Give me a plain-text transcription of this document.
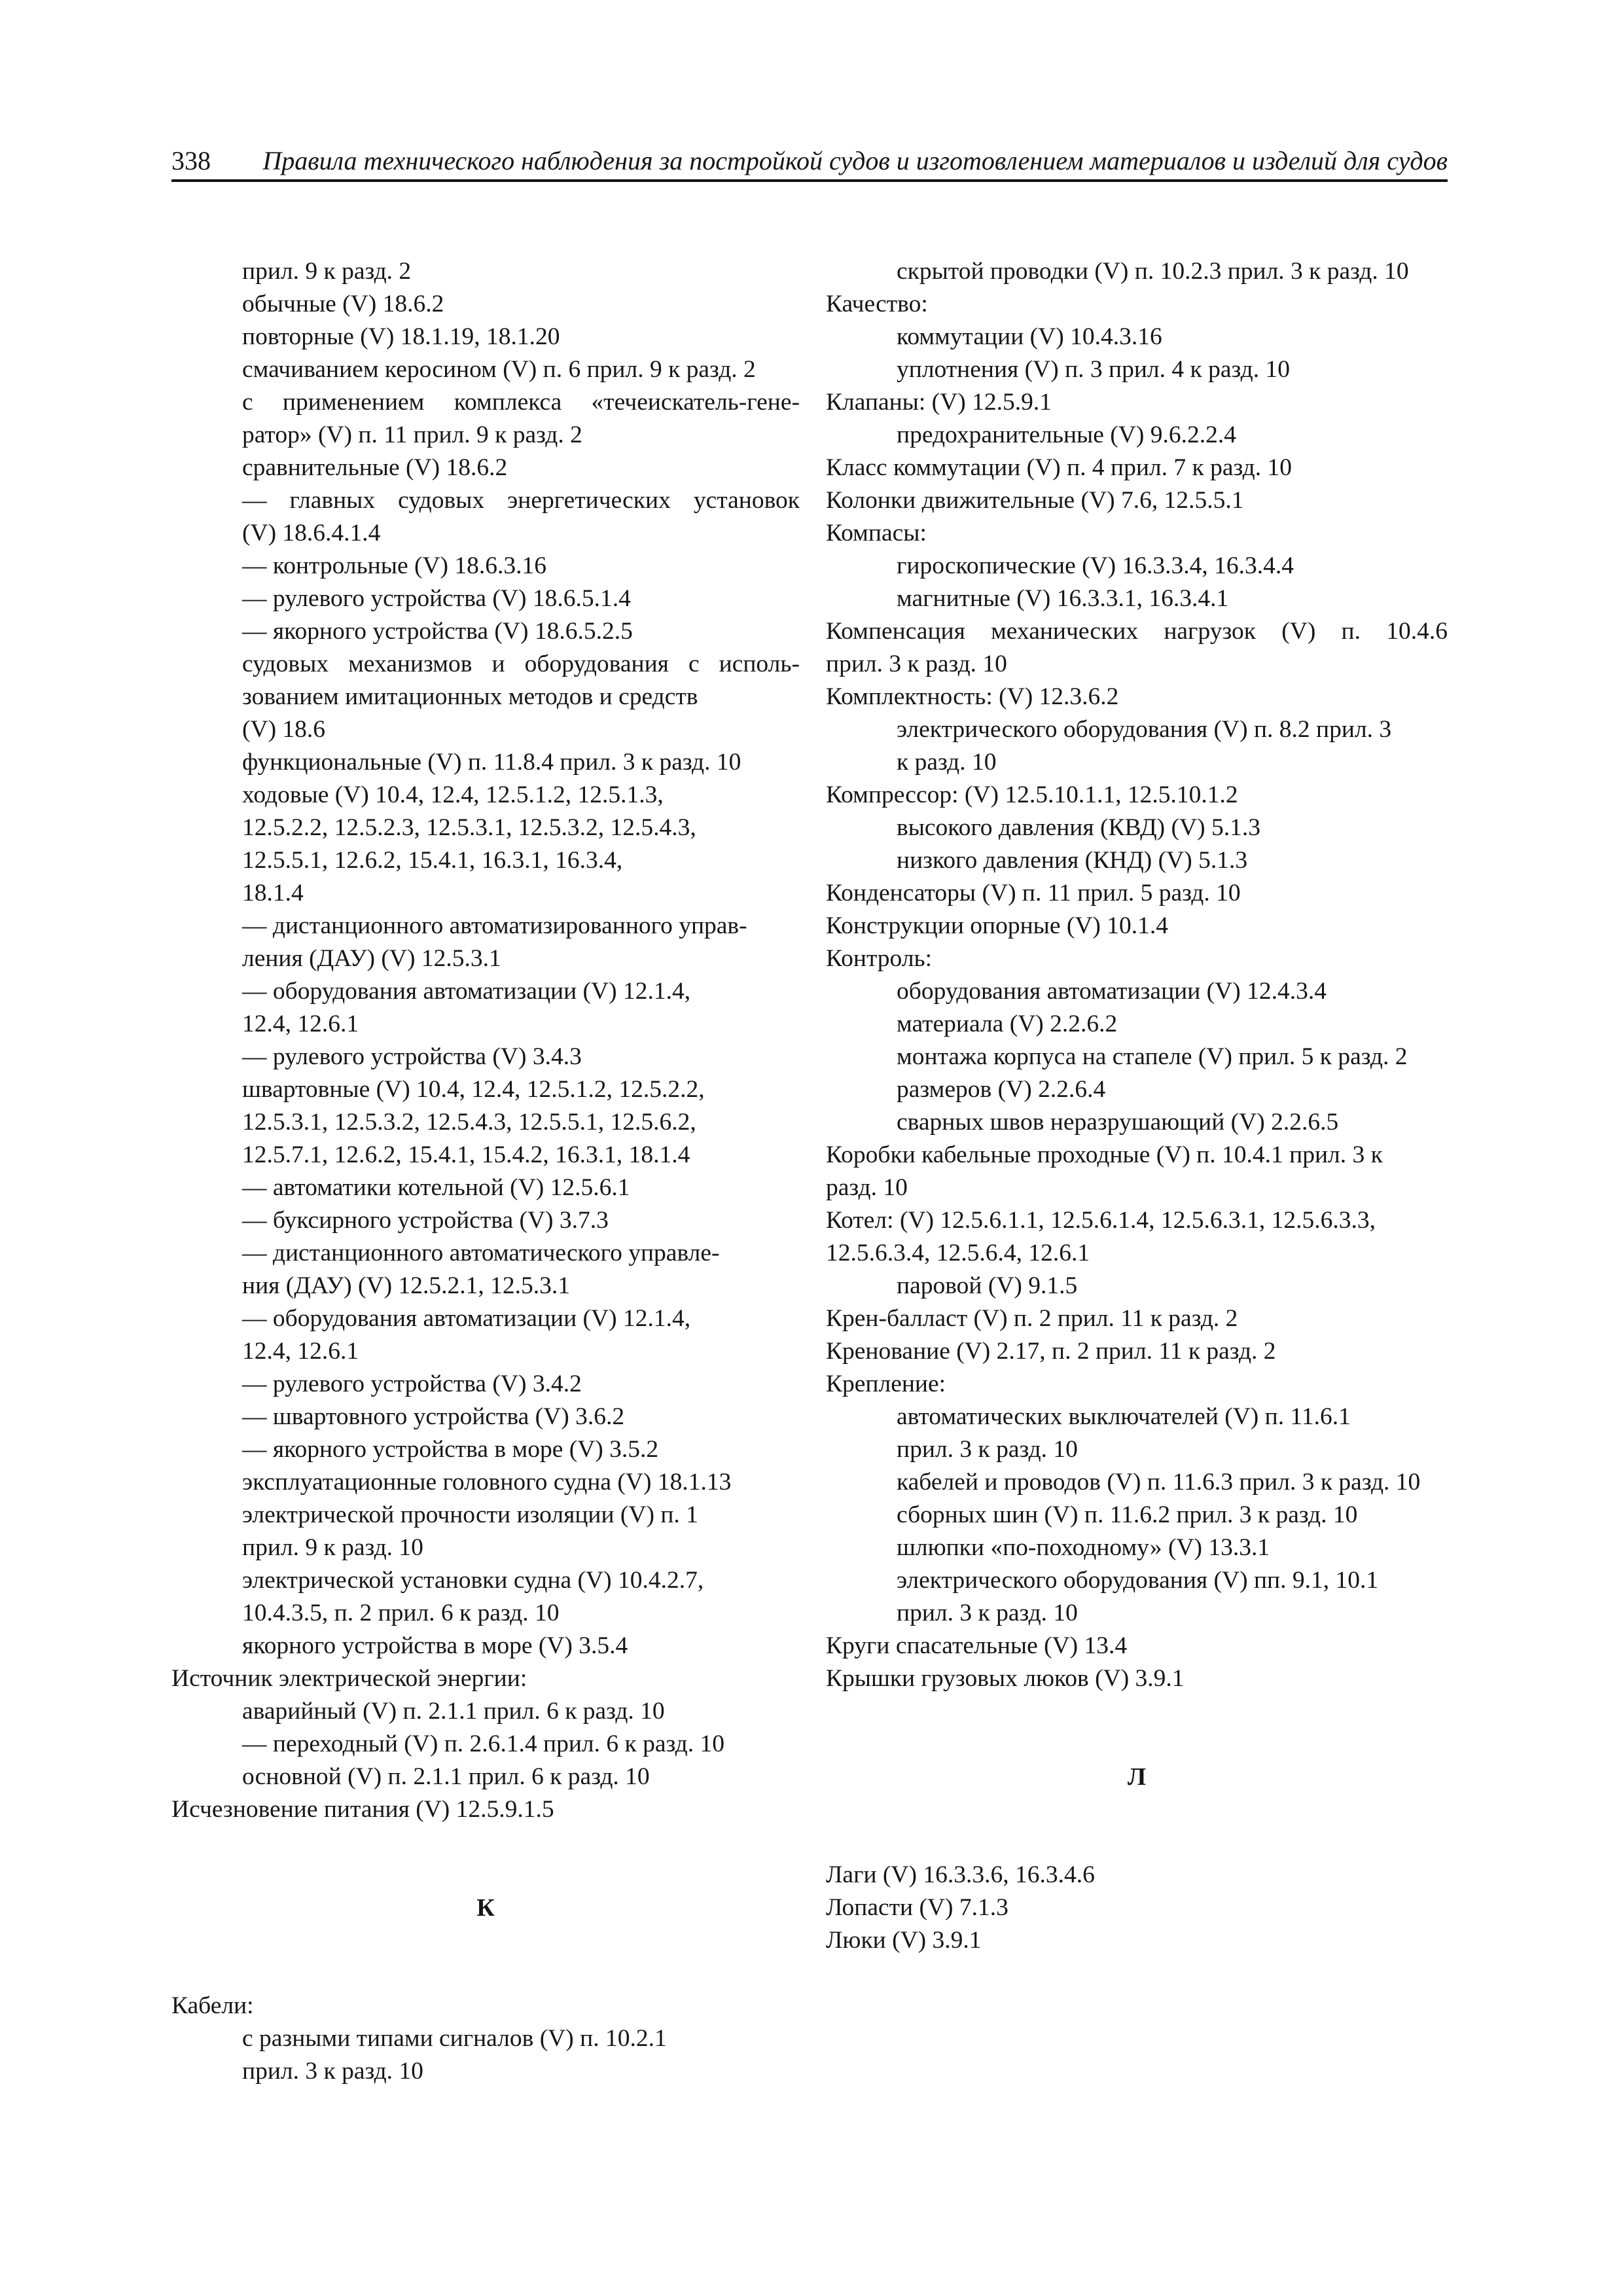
338 Правила технического наблюдения за постройкой судов и изготовлением материалов и изделий для судов
прил. 9 к разд. 2
обычные (V) 18.6.2
повторные (V) 18.1.19, 18.1.20
смачиванием керосином (V) п. 6 прил. 9 к разд. 2
с применением комплекса «течеискатель-гене-
ратор» (V) п. 11 прил. 9 к разд. 2
сравнительные (V) 18.6.2
— главных судовых энергетических установок
(V) 18.6.4.1.4
— контрольные (V) 18.6.3.16
— рулевого устройства (V) 18.6.5.1.4
— якорного устройства (V) 18.6.5.2.5
судовых механизмов и оборудования с исполь-
зованием имитационных методов и средств
(V) 18.6
функциональные (V) п. 11.8.4 прил. 3 к разд. 10
ходовые (V) 10.4, 12.4, 12.5.1.2, 12.5.1.3,
12.5.2.2, 12.5.2.3, 12.5.3.1, 12.5.3.2, 12.5.4.3,
12.5.5.1, 12.6.2, 15.4.1, 16.3.1, 16.3.4,
18.1.4
— дистанционного автоматизированного управ-
ления (ДАУ) (V) 12.5.3.1
— оборудования автоматизации (V) 12.1.4,
12.4, 12.6.1
— рулевого устройства (V) 3.4.3
швартовные (V) 10.4, 12.4, 12.5.1.2, 12.5.2.2,
12.5.3.1, 12.5.3.2, 12.5.4.3, 12.5.5.1, 12.5.6.2,
12.5.7.1, 12.6.2, 15.4.1, 15.4.2, 16.3.1, 18.1.4
— автоматики котельной (V) 12.5.6.1
— буксирного устройства (V) 3.7.3
— дистанционного автоматического управле-
ния (ДАУ) (V) 12.5.2.1, 12.5.3.1
— оборудования автоматизации (V) 12.1.4,
12.4, 12.6.1
— рулевого устройства (V) 3.4.2
— швартовного устройства (V) 3.6.2
— якорного устройства в море (V) 3.5.2
эксплуатационные головного судна (V) 18.1.13
электрической прочности изоляции (V) п. 1
прил. 9 к разд. 10
электрической установки судна (V) 10.4.2.7,
10.4.3.5, п. 2 прил. 6 к разд. 10
якорного устройства в море (V) 3.5.4
Источник электрической энергии:
аварийный (V) п. 2.1.1 прил. 6 к разд. 10
— переходный (V) п. 2.6.1.4 прил. 6 к разд. 10
основной (V) п. 2.1.1 прил. 6 к разд. 10
Исчезновение питания (V) 12.5.9.1.5
К
Кабели:
с разными типами сигналов (V) п. 10.2.1
прил. 3 к разд. 10
скрытой проводки (V) п. 10.2.3 прил. 3 к разд. 10
Качество:
коммутации (V) 10.4.3.16
уплотнения (V) п. 3 прил. 4 к разд. 10
Клапаны: (V) 12.5.9.1
предохранительные (V) 9.6.2.2.4
Класс коммутации (V) п. 4 прил. 7 к разд. 10
Колонки движительные (V) 7.6, 12.5.5.1
Компасы:
гироскопические (V) 16.3.3.4, 16.3.4.4
магнитные (V) 16.3.3.1, 16.3.4.1
Компенсация механических нагрузок (V) п. 10.4.6
прил. 3 к разд. 10
Комплектность: (V) 12.3.6.2
электрического оборудования (V) п. 8.2 прил. 3
к разд. 10
Компрессор: (V) 12.5.10.1.1, 12.5.10.1.2
высокого давления (КВД) (V) 5.1.3
низкого давления (КНД) (V) 5.1.3
Конденсаторы (V) п. 11 прил. 5 разд. 10
Конструкции опорные (V) 10.1.4
Контроль:
оборудования автоматизации (V) 12.4.3.4
материала (V) 2.2.6.2
монтажа корпуса на стапеле (V) прил. 5 к разд. 2
размеров (V) 2.2.6.4
сварных швов неразрушающий (V) 2.2.6.5
Коробки кабельные проходные (V) п. 10.4.1 прил. 3 к
разд. 10
Котел: (V) 12.5.6.1.1, 12.5.6.1.4, 12.5.6.3.1, 12.5.6.3.3,
12.5.6.3.4, 12.5.6.4, 12.6.1
паровой (V) 9.1.5
Крен-балласт (V) п. 2 прил. 11 к разд. 2
Кренование (V) 2.17, п. 2 прил. 11 к разд. 2
Крепление:
автоматических выключателей (V) п. 11.6.1
прил. 3 к разд. 10
кабелей и проводов (V) п. 11.6.3 прил. 3 к разд. 10
сборных шин (V) п. 11.6.2 прил. 3 к разд. 10
шлюпки «по-походному» (V) 13.3.1
электрического оборудования (V) пп. 9.1, 10.1
прил. 3 к разд. 10
Круги спасательные (V) 13.4
Крышки грузовых люков (V) 3.9.1
Л
Лаги (V) 16.3.3.6, 16.3.4.6
Лопасти (V) 7.1.3
Люки (V) 3.9.1
